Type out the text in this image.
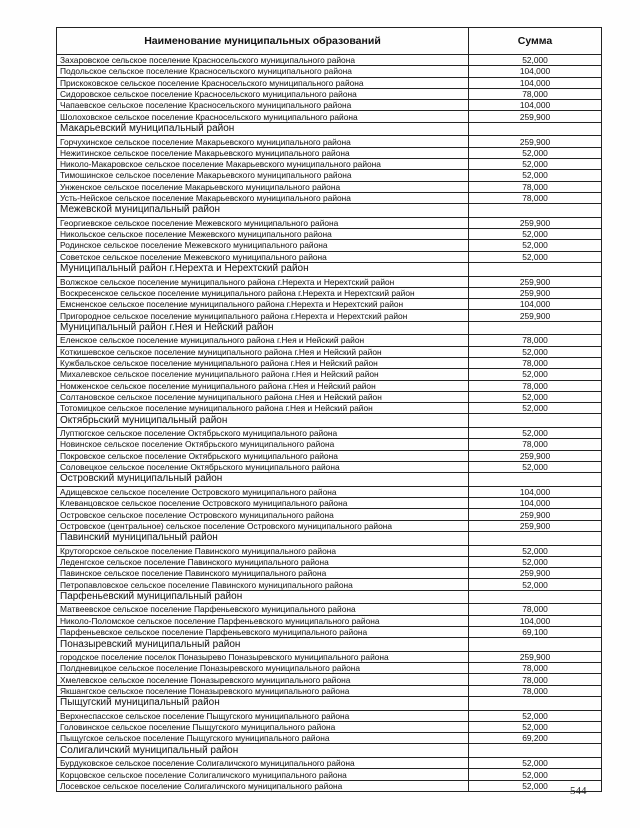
Наименование муниципальных образований	Сумма
Захаровское сельское поселение Красносельского муниципального района	52,000
Подольское сельское поселение Красносельского муниципального района	104,000
Прискоковское сельское поселение Красносельского муниципального района	104,000
Сидоровское сельское поселение Красносельского муниципального района	78,000
Чапаевское сельское поселение Красносельского муниципального района	104,000
Шолоховское сельское поселение Красносельского муниципального района	259,900
Макарьевский муниципальный район	
Горчухинское сельское поселение Макарьевского муниципального района	259,900
Нежитинское сельское поселение Макарьевского муниципального района	52,000
Николо-Макаровское сельское поселение Макарьевского муниципального района	52,000
Тимошинское сельское поселение Макарьевского муниципального района	52,000
Унженское сельское поселение Макарьевского муниципального района	78,000
Усть-Нейское сельское поселение Макарьевского муниципального района	78,000
Межевской муниципальный район	
Георгиевское сельское поселение Межевского муниципального района	259,900
Никольское сельское поселение Межевского муниципального района	52,000
Родинское сельское поселение Межевского муниципального района	52,000
Советское сельское поселение Межевского муниципального района	52,000
Муниципальный район г.Нерехта и Нерехтский район	
Волжское сельское поселение муниципального района г.Нерехта и Нерехтский район	259,900
Воскресенское сельское поселение муниципального района г.Нерехта и Нерехтский район	259,900
Емсненское сельское поселение муниципального района г.Нерехта и Нерехтский район	104,000
Пригородное сельское поселение муниципального района г.Нерехта и Нерехтский район	259,900
Муниципальный район г.Нея и Нейский район	
Еленское сельское поселение муниципального района г.Нея и Нейский район	78,000
Коткишевское сельское поселение муниципального района г.Нея и Нейский район	52,000
Кужбальское сельское поселение муниципального района г.Нея и Нейский район	78,000
Михалевское сельское поселение муниципального района г.Нея и Нейский район	52,000
Номженское сельское поселение муниципального района г.Нея и Нейский район	78,000
Солтановское сельское поселение муниципального района г.Нея и Нейский район	52,000
Тотомицкое сельское поселение муниципального района г.Нея и Нейский район	52,000
Октябрьский муниципальный район	
Луптюгское сельское поселение Октябрьского муниципального района	52,000
Новинское сельское поселение Октябрьского муниципального района	78,000
Покровское сельское поселение Октябрьского муниципального района	259,900
Соловецкое сельское поселение Октябрьского муниципального района	52,000
Островский муниципальный район	
Адищевское сельское поселение Островского муниципального района	104,000
Клеванцовское сельское поселение Островского муниципального района	104,000
Островское сельское поселение Островского муниципального района	259,900
Островское (центральное) сельское поселение Островского муниципального района	259,900
Павинский муниципальный район	
Крутогорское сельское поселение Павинского муниципального района	52,000
Леденгское сельское поселение Павинского муниципального района	52,000
Павинское сельское поселение Павинского муниципального района	259,900
Петропавловское сельское поселение Павинского муниципального района	52,000
Парфеньевский муниципальный район	
Матвеевское сельское поселение Парфеньевского муниципального района	78,000
Николо-Поломское сельское поселение Парфеньевского муниципального района	104,000
Парфеньевское сельское поселение Парфеньевского муниципального района	69,100
Поназыревский муниципальный район	
городское поселение поселок Поназырево Поназыревского муниципального района	259,900
Полдневицкое сельское поселение Поназыревского муниципального района	78,000
Хмелевское сельское поселение Поназыревского муниципального района	78,000
Якшангское сельское поселение Поназыревского муниципального района	78,000
Пыщугский муниципальный район	
Верхнеспасское сельское поселение Пыщугского муниципального района	52,000
Головинское сельское поселение Пыщугского муниципального района	52,000
Пыщугское сельское поселение Пыщугского муниципального района	69,200
Солигаличский муниципальный район	
Бурдуковское сельское поселение Солигаличского муниципального района	52,000
Корцовское сельское поселение Солигаличского муниципального района	52,000
Лосевское сельское поселение Солигаличского муниципального района	52,000 544
